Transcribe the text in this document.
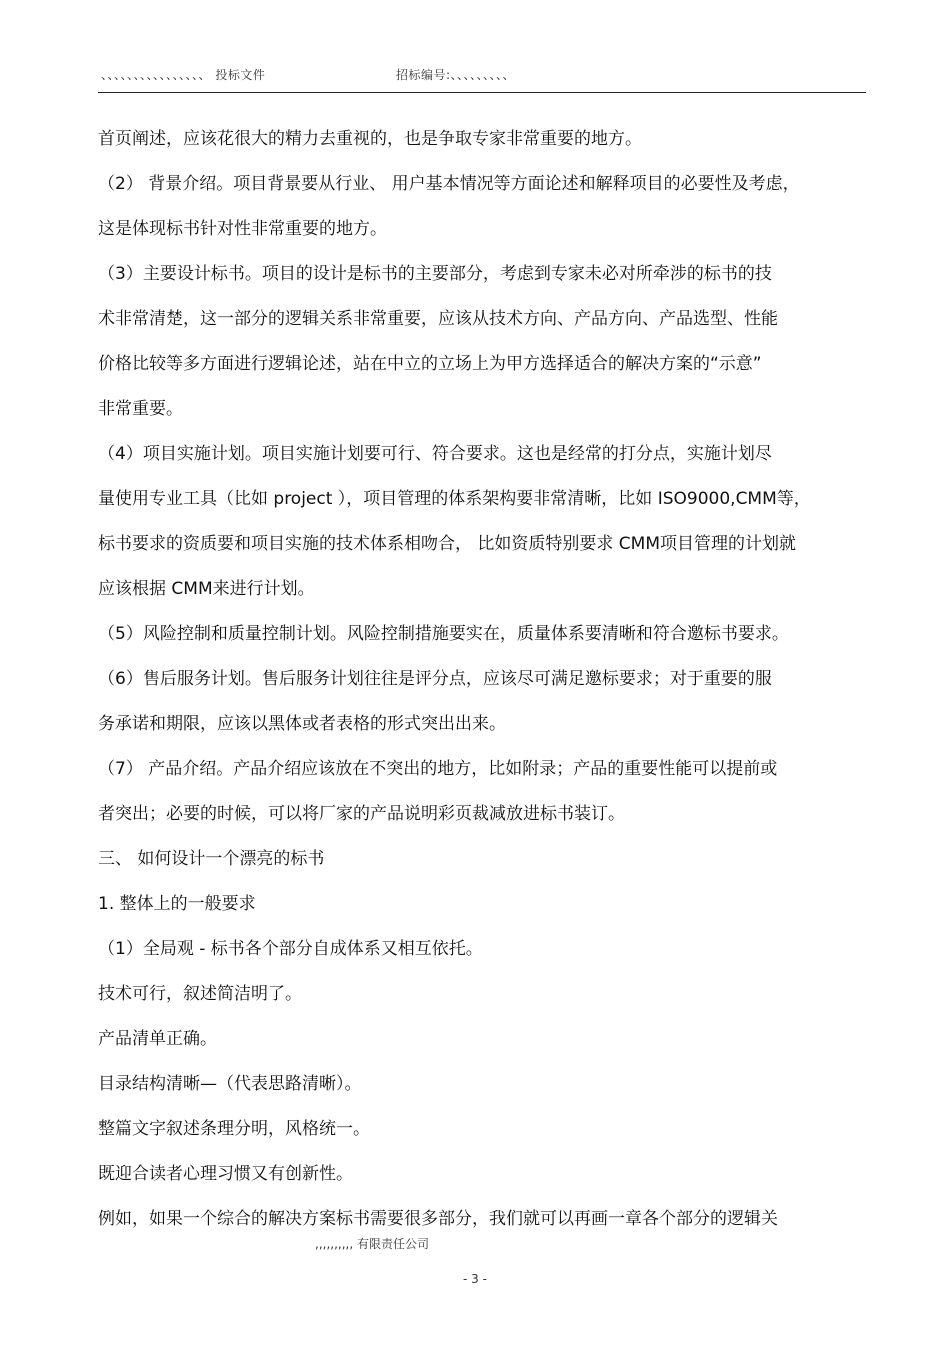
、、、、、、、、、、、、、、、、 投标文件	招标编号:、、、、、、、、、
首页阐述，应该花很大的精力去重视的，也是争取专家非常重要的地方。
（2） 背景介绍。项目背景要从行业、 用户基本情况等方面论述和解释项目的必要性及考虑，
这是体现标书针对性非常重要的地方。
（3）主要设计标书。项目的设计是标书的主要部分，考虑到专家未必对所牵涉的标书的技
术非常清楚，这一部分的逻辑关系非常重要，应该从技术方向、产品方向、产品选型、性能
价格比较等多方面进行逻辑论述，站在中立的立场上为甲方选择适合的解决方案的“示意”
非常重要。
（4）项目实施计划。项目实施计划要可行、符合要求。这也是经常的打分点，实施计划尽
量使用专业工具（比如 project ），项目管理的体系架构要非常清晰，比如 ISO9000,CMM等，
标书要求的资质要和项目实施的技术体系相吻合， 比如资质特别要求 CMM项目管理的计划就
应该根据 CMM来进行计划。
（5）风险控制和质量控制计划。风险控制措施要实在，质量体系要清晰和符合邀标书要求。
（6）售后服务计划。售后服务计划往往是评分点，应该尽可满足邀标要求；对于重要的服
务承诺和期限，应该以黑体或者表格的形式突出出来。
（7） 产品介绍。产品介绍应该放在不突出的地方，比如附录；产品的重要性能可以提前或
者突出；必要的时候，可以将厂家的产品说明彩页裁减放进标书装订。
三、 如何设计一个漂亮的标书
1. 整体上的一般要求
（1）全局观 - 标书各个部分自成体系又相互依托。
技术可行，叙述简洁明了。
产品清单正确。
目录结构清晰—（代表思路清晰）。
整篇文字叙述条理分明，风格统一。
既迎合读者心理习惯又有创新性。
例如，如果一个综合的解决方案标书需要很多部分，我们就可以再画一章各个部分的逻辑关
,,,,,,,,,, 有限责任公司
- 3 -
